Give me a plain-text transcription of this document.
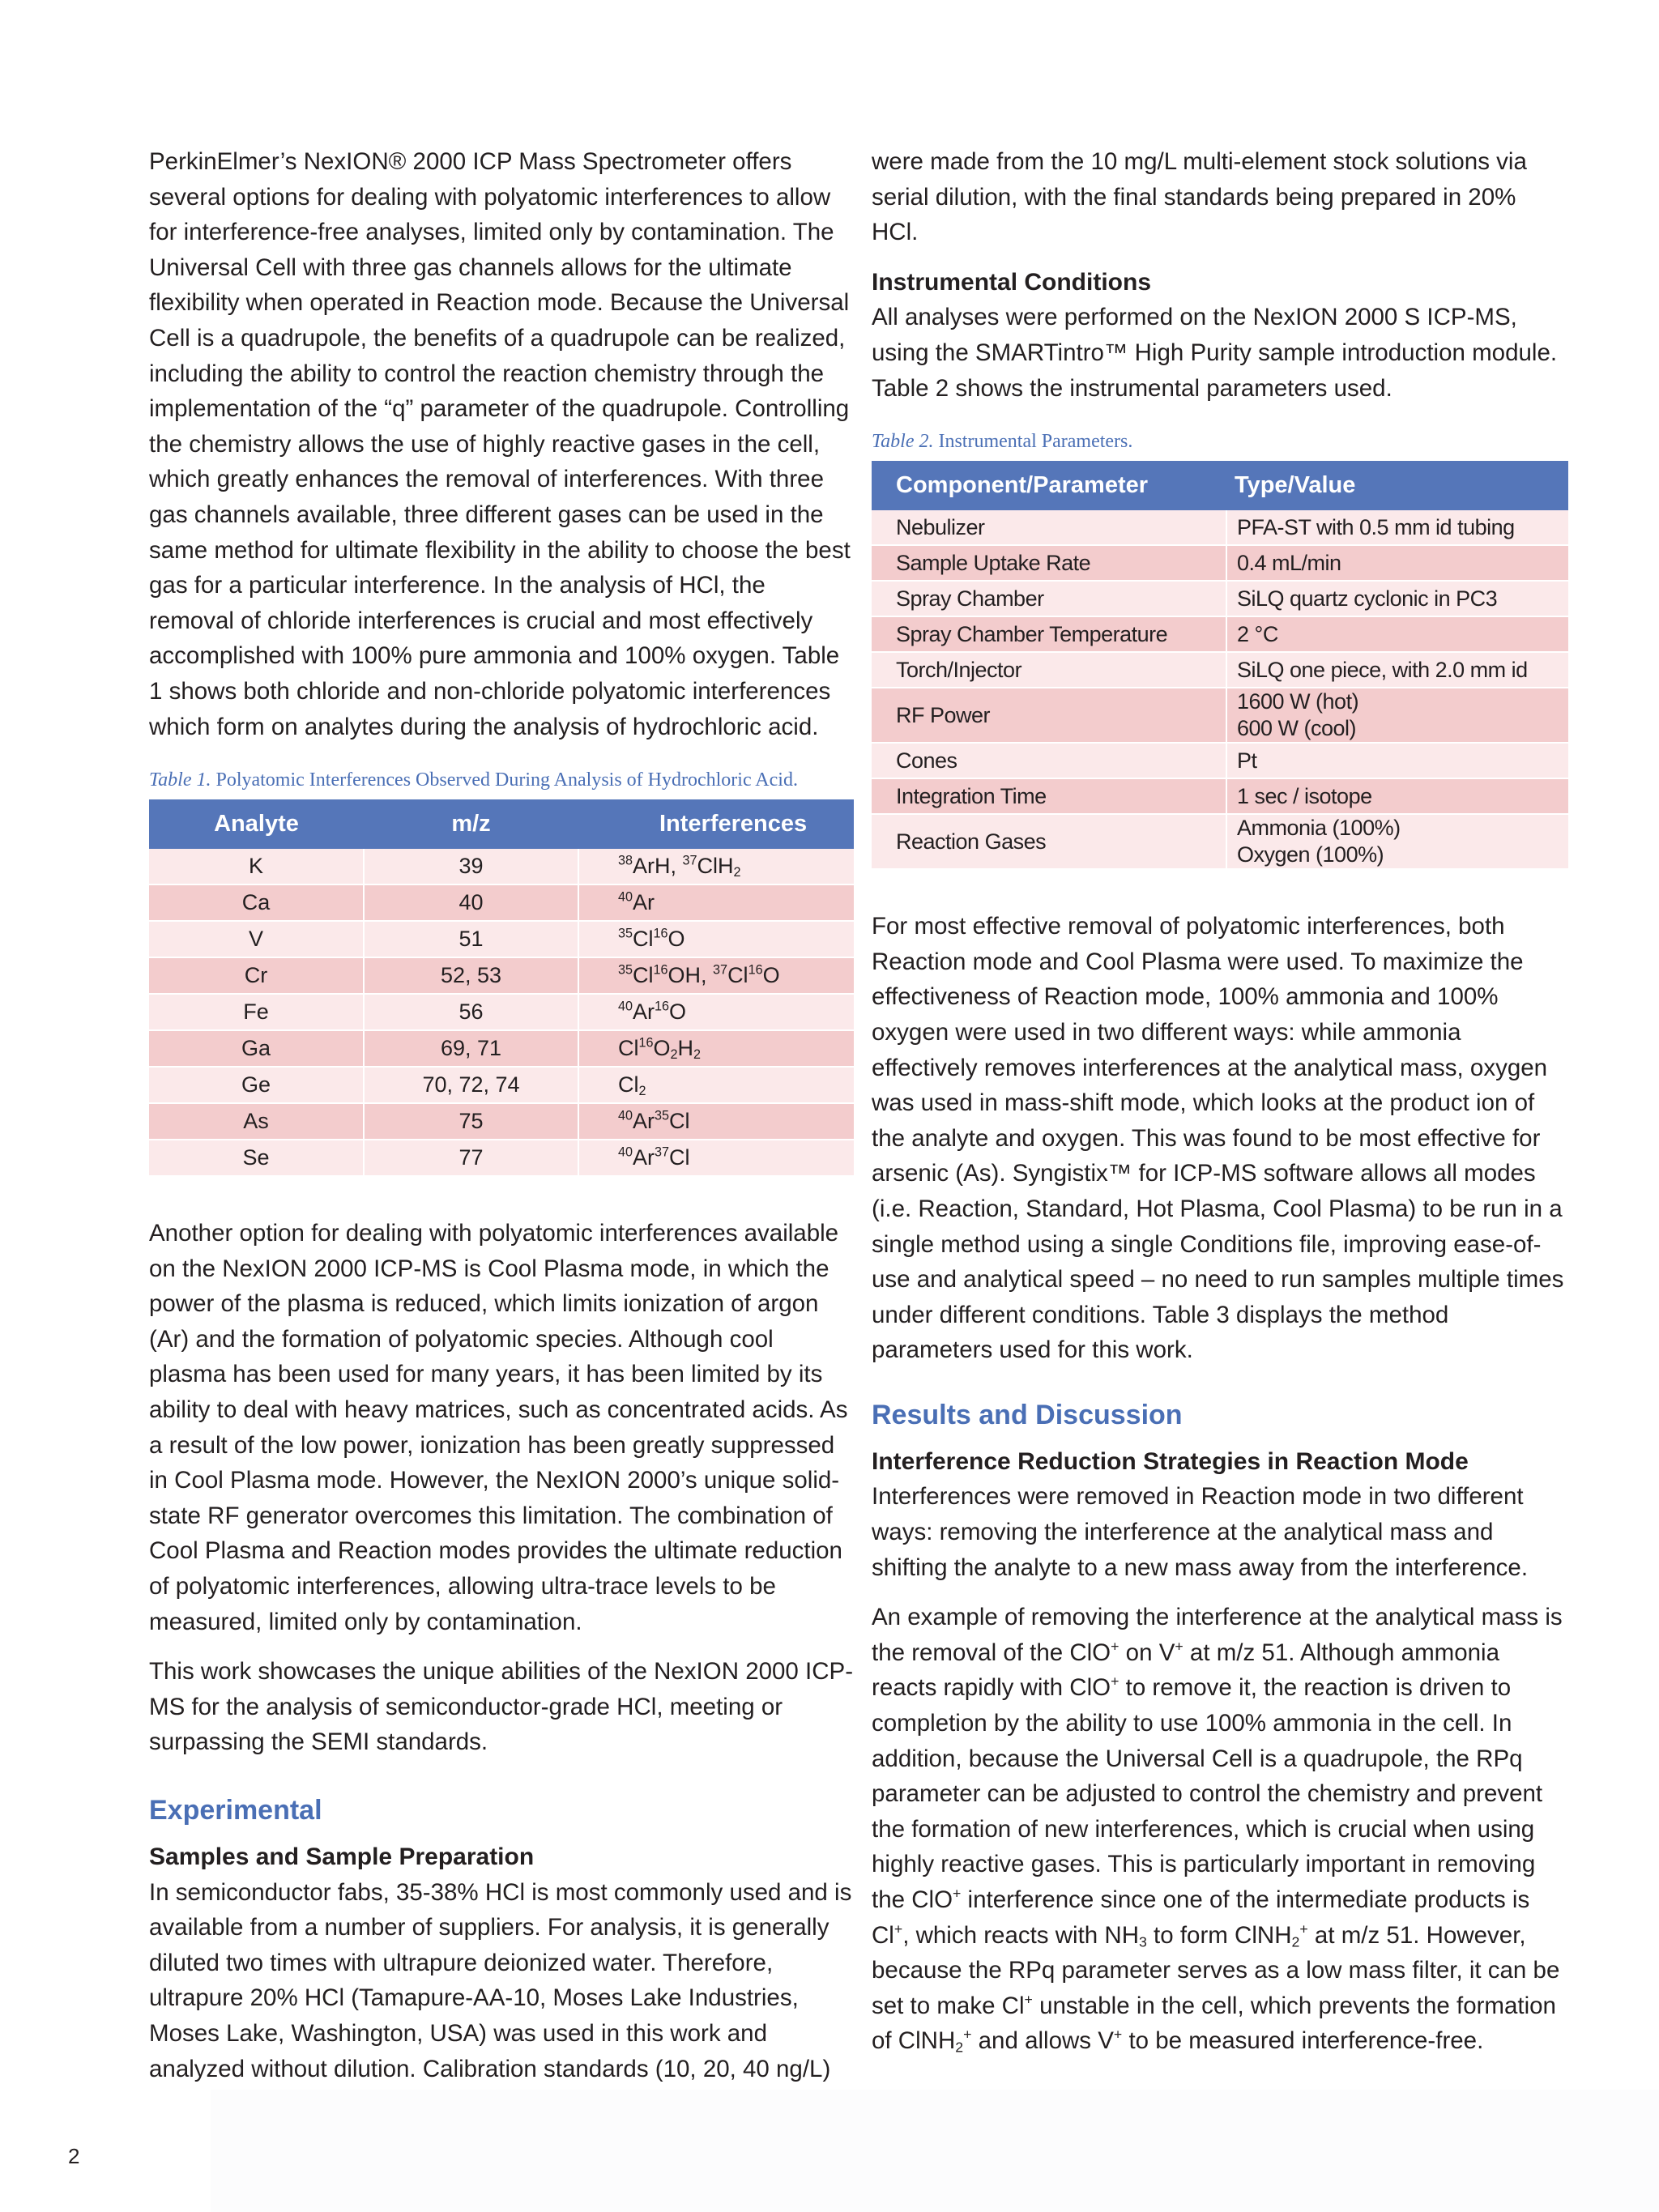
PerkinElmer’s NexION® 2000 ICP Mass Spectrometer offers several options for dealing with polyatomic interferences to allow for interference-free analyses, limited only by contamination. The Universal Cell with three gas channels allows for the ultimate flexibility when operated in Reaction mode. Because the Universal Cell is a quadrupole, the benefits of a quadrupole can be realized, including the ability to control the reaction chemistry through the implementation of the “q” parameter of the quadrupole. Controlling the chemistry allows the use of highly reactive gases in the cell, which greatly enhances the removal of interferences. With three gas channels available, three different gases can be used in the same method for ultimate flexibility in the ability to choose the best gas for a particular interference. In the analysis of HCl, the removal of chloride interferences is crucial and most effectively accomplished with 100% pure ammonia and 100% oxygen. Table 1 shows both chloride and non-chloride polyatomic interferences which form on analytes during the analysis of hydrochloric acid.

Table 1. Polyatomic Interferences Observed During Analysis of Hydrochloric Acid.
Analyte	m/z	Interferences
K	39	$^{38}$ArH, $^{37}$ClH$_2$
Ca	40	$^{40}$Ar
V	51	$^{35}$Cl$^{16}$O
Cr	52, 53	$^{35}$Cl$^{16}$OH, $^{37}$Cl$^{16}$O
Fe	56	$^{40}$Ar$^{16}$O
Ga	69, 71	$Cl^{16}O_2H_2$
Ge	70, 72, 74	$Cl_2$
As	75	$^{40}$Ar$^{35}$Cl
Se	77	$^{40}$Ar$^{37}$Cl

Another option for dealing with polyatomic interferences available on the NexION 2000 ICP-MS is Cool Plasma mode, in which the power of the plasma is reduced, which limits ionization of argon (Ar) and the formation of polyatomic species. Although cool plasma has been used for many years, it has been limited by its ability to deal with heavy matrices, such as concentrated acids. As a result of the low power, ionization has been greatly suppressed in Cool Plasma mode. However, the NexION 2000’s unique solid-state RF generator overcomes this limitation. The combination of Cool Plasma and Reaction modes provides the ultimate reduction of polyatomic interferences, allowing ultra-trace levels to be measured, limited only by contamination.

This work showcases the unique abilities of the NexION 2000 ICP-MS for the analysis of semiconductor-grade HCl, meeting or surpassing the SEMI standards.

Experimental
Samples and Sample Preparation

In semiconductor fabs, 35-38% HCl is most commonly used and is available from a number of suppliers. For analysis, it is generally diluted two times with ultrapure deionized water. Therefore, ultrapure 20% HCl (Tamapure-AA-10, Moses Lake Industries, Moses Lake, Washington, USA) was used in this work and analyzed without dilution. Calibration standards (10, 20, 40 ng/L)

were made from the 10 mg/L multi-element stock solutions via serial dilution, with the final standards being prepared in 20% HCl.

Instrumental Conditions

All analyses were performed on the NexION 2000 S ICP-MS, using the SMARTintro™ High Purity sample introduction module. Table 2 shows the instrumental parameters used.

Table 2. Instrumental Parameters.
Component/Parameter	Type/Value
Nebulizer	PFA-ST with 0.5 mm id tubing
Sample Uptake Rate	0.4 mL/min
Spray Chamber	SiLQ quartz cyclonic in PC3
Spray Chamber Temperature	2 °C
Torch/Injector	SiLQ one piece, with 2.0 mm id
RF Power	1600 W (hot)
600 W (cool)

Cones	Pt
Integration Time	1 sec / isotope
Reaction Gases	Ammonia (100%)
Oxygen (100%)

For most effective removal of polyatomic interferences, both Reaction mode and Cool Plasma were used. To maximize the effectiveness of Reaction mode, 100% ammonia and 100% oxygen were used in two different ways: while ammonia effectively removes interferences at the analytical mass, oxygen was used in mass-shift mode, which looks at the product ion of the analyte and oxygen. This was found to be most effective for arsenic (As). Syngistix™ for ICP-MS software allows all modes (i.e. Reaction, Standard, Hot Plasma, Cool Plasma) to be run in a single method using a single Conditions file, improving ease-of-use and analytical speed – no need to run samples multiple times under different conditions. Table 3 displays the method parameters used for this work.

Results and Discussion
Interference Reduction Strategies in Reaction Mode

Interferences were removed in Reaction mode in two different ways: removing the interference at the analytical mass and shifting the analyte to a new mass away from the interference.

An example of removing the interference at the analytical mass is the removal of the ClO+ on V+ at m/z 51. Although ammonia reacts rapidly with ClO+ to remove it, the reaction is driven to completion by the ability to use 100% ammonia in the cell. In addition, because the Universal Cell is a quadrupole, the RPq parameter can be adjusted to control the chemistry and prevent the formation of new interferences, which is crucial when using highly reactive gases. This is particularly important in removing the ClO+ interference since one of the intermediate products is Cl+, which reacts with $NH_3$ to form ClNH$_2$+ at m/z 51. However, because the RPq parameter serves as a low mass filter, it can be set to make Cl+ unstable in the cell, which prevents the formation of ClNH$_2$+ and allows V+ to be measured interference-free.

2
